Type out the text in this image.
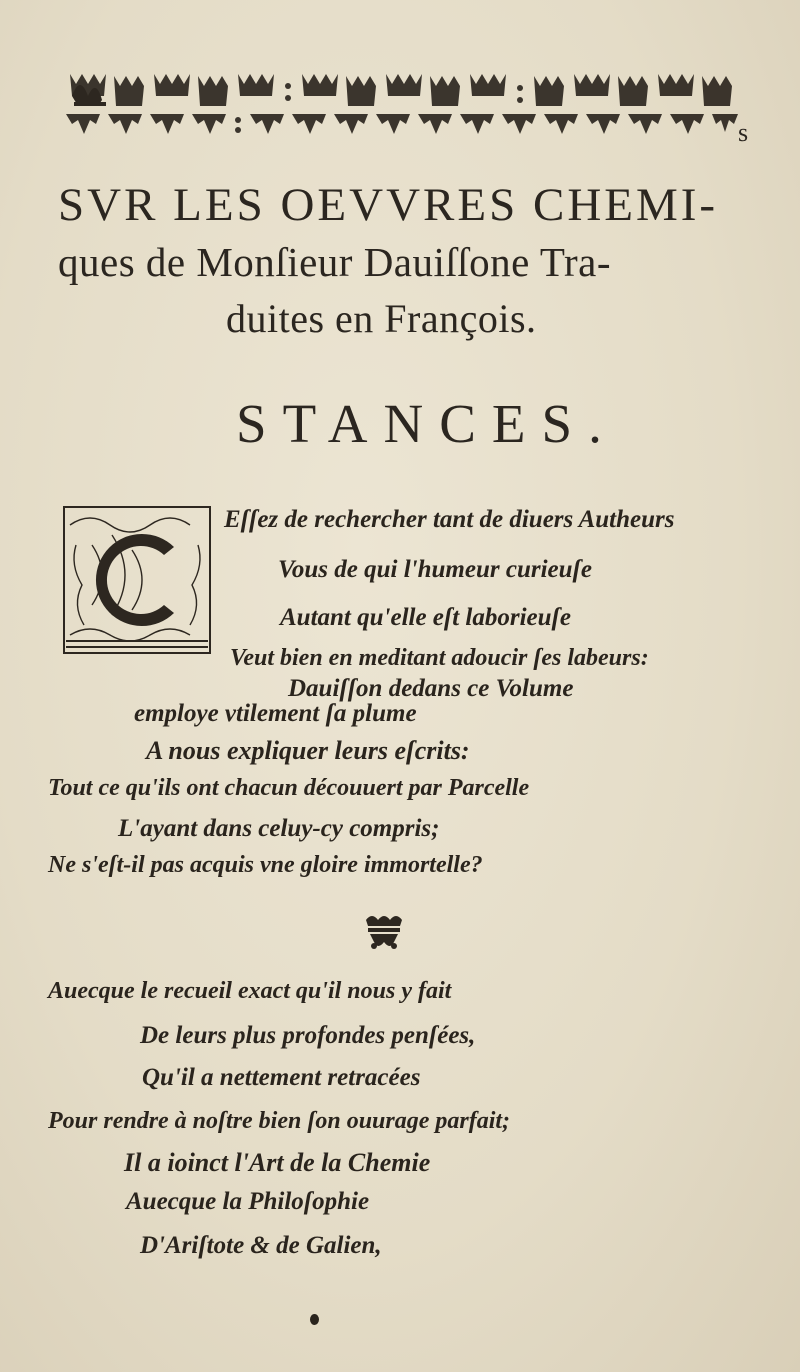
s
SVR LES OEVVRES CHEMI-
ques de Monſieur Dauiſſone Tra-
duites en François.
STANCES.
Eſſez de rechercher tant de diuers Autheurs
Vous de qui l'humeur curieuſe
Autant qu'elle eſt laborieuſe
Veut bien en meditant adoucir ſes labeurs:
Dauiſſon dedans ce Volume
employe vtilement ſa plume
A nous expliquer leurs eſcrits:
Tout ce qu'ils ont chacun découuert par Parcelle
L'ayant dans celuy-cy compris;
Ne s'eſt-il pas acquis vne gloire immortelle?
Auecque le recueil exact qu'il nous y fait
De leurs plus profondes penſées,
Qu'il a nettement retracées
Pour rendre à noſtre bien ſon ouurage parfait;
Il a ioinct l'Art de la Chemie
Auecque la Philoſophie
D'Ariſtote & de Galien,
